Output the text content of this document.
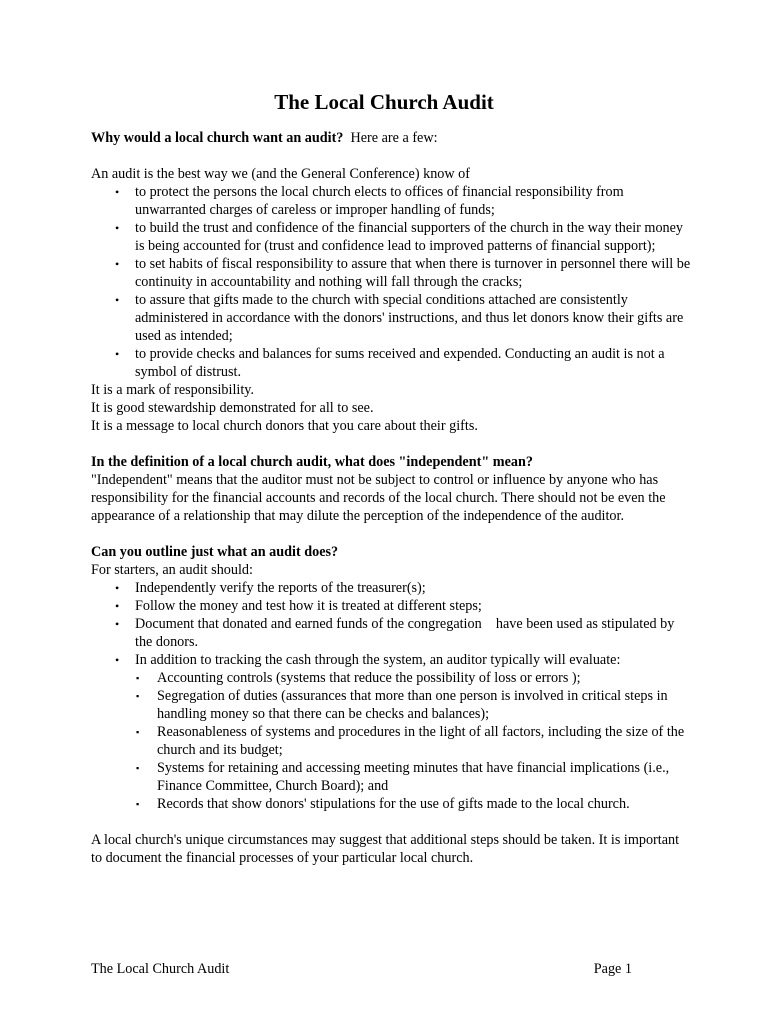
The Local Church Audit

Why would a local church want an audit?  Here are a few:

An audit is the best way we (and the General Conference) know of

• to protect the persons the local church elects to offices of financial responsibility from unwarranted charges of careless or improper handling of funds;
• to build the trust and confidence of the financial supporters of the church in the way their money is being accounted for (trust and confidence lead to improved patterns of financial support);
• to set habits of fiscal responsibility to assure that when there is turnover in personnel there will be continuity in accountability and nothing will fall through the cracks;
• to assure that gifts made to the church with special conditions attached are consistently administered in accordance with the donors' instructions, and thus let donors know their gifts are used as intended;
• to provide checks and balances for sums received and expended. Conducting an audit is not a symbol of distrust.

It is a mark of responsibility.

It is good stewardship demonstrated for all to see.

It is a message to local church donors that you care about their gifts.

In the definition of a local church audit, what does "independent" mean?

"Independent" means that the auditor must not be subject to control or influence by anyone who has responsibility for the financial accounts and records of the local church. There should not be even the appearance of a relationship that may dilute the perception of the independence of the auditor.

Can you outline just what an audit does?

For starters, an audit should:

• Independently verify the reports of the treasurer(s);
• Follow the money and test how it is treated at different steps;
• Document that donated and earned funds of the congregation    have been used as stipulated by the donors.
• In addition to tracking the cash through the system, an auditor typically will evaluate:
▪ Accounting controls (systems that reduce the possibility of loss or errors );
▪ Segregation of duties (assurances that more than one person is involved in critical steps in handling money so that there can be checks and balances);
▪ Reasonableness of systems and procedures in the light of all factors, including the size of the church and its budget;
▪ Systems for retaining and accessing meeting minutes that have financial implications (i.e., Finance Committee, Church Board); and
▪ Records that show donors' stipulations for the use of gifts made to the local church.

A local church's unique circumstances may suggest that additional steps should be taken. It is important to document the financial processes of your particular local church.

The Local Church Audit	Page 1
